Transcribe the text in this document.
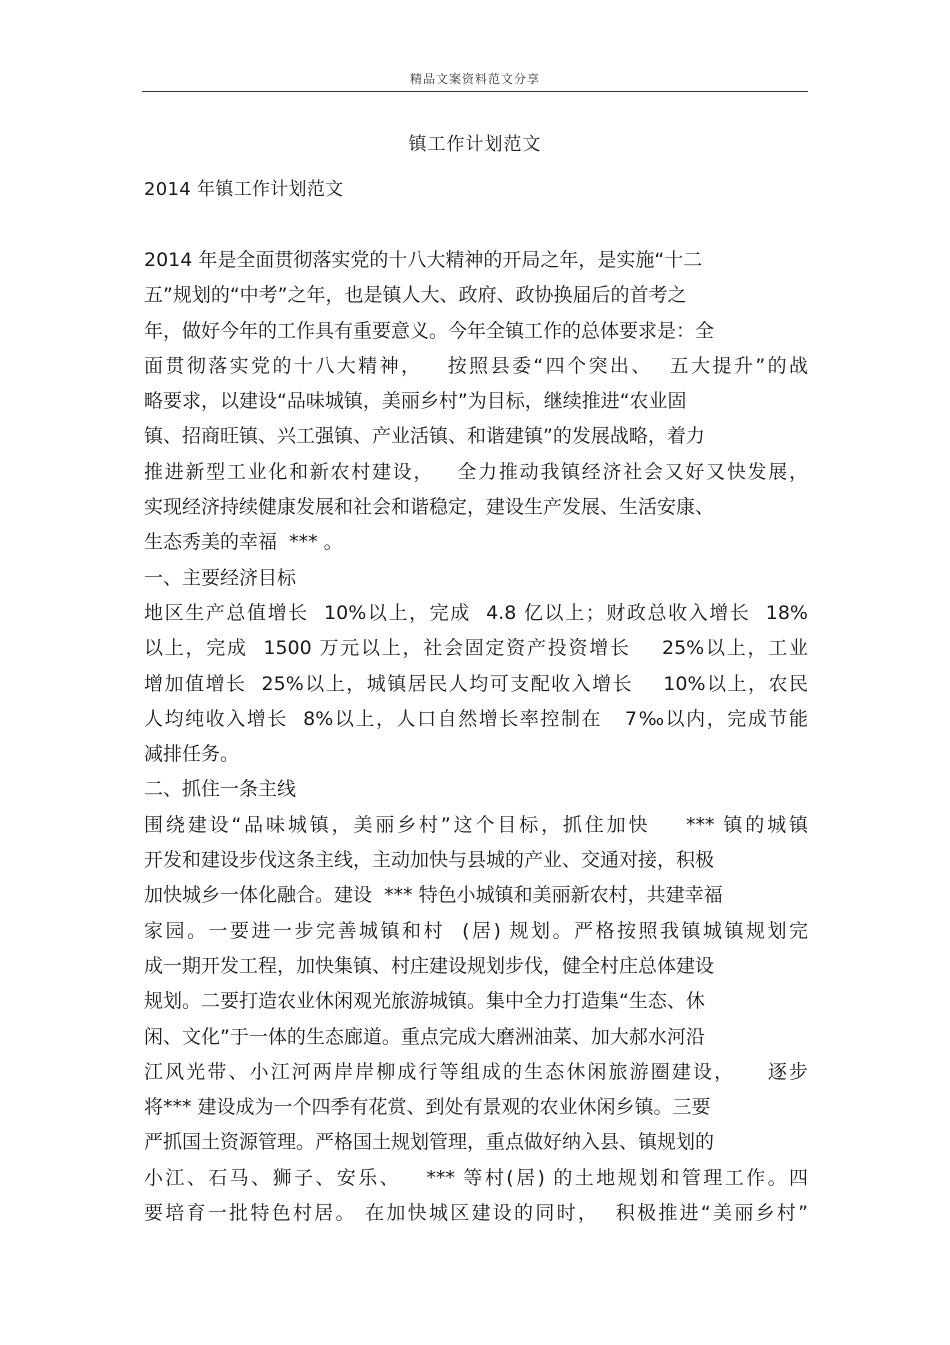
精品文案资料范文分享
镇工作计划范文
2014 年镇工作计划范文
2014 年是全面贯彻落实党的十八大精神的开局之年，是实施“十二
五”规划的“中考”之年，也是镇人大、政府、政协换届后的首考之
年，做好今年的工作具有重要意义。今年全镇工作的总体要求是：全
面贯彻落实党的十八大精神，   按照县委“四个突出、  五大提升”的战
略要求，以建设“品味城镇，美丽乡村”为目标，继续推进“农业固
镇、招商旺镇、兴工强镇、产业活镇、和谐建镇”的发展战略，着力
推进新型工业化和新农村建设，   全力推动我镇经济社会又好又快发展，
实现经济持续健康发展和社会和谐稳定，建设生产发展、生活安康、
生态秀美的幸福  *** 。
一、主要经济目标
地区生产总值增长  10%以上，完成  4.8 亿以上；财政总收入增长  18%
以上，完成  1500 万元以上，社会固定资产投资增长    25%以上，工业
增加值增长  25%以上，城镇居民人均可支配收入增长    10%以上，农民
人均纯收入增长  8%以上，人口自然增长率控制在   7‰以内，完成节能
减排任务。
二、抓住一条主线
围绕建设“品味城镇，美丽乡村”这个目标，抓住加快    *** 镇的城镇
开发和建设步伐这条主线，主动加快与县城的产业、交通对接，积极
加快城乡一体化融合。建设  *** 特色小城镇和美丽新农村，共建幸福
家园。一要进一步完善城镇和村  (居) 规划。严格按照我镇城镇规划完
成一期开发工程，加快集镇、村庄建设规划步伐，健全村庄总体建设
规划。二要打造农业休闲观光旅游城镇。集中全力打造集“生态、休
闲、文化”于一体的生态廊道。重点完成大磨洲油菜、加大郝水河沿
江风光带、小江河两岸岸柳成行等组成的生态休闲旅游圈建设，    逐步
将*** 建设成为一个四季有花赏、到处有景观的农业休闲乡镇。三要
严抓国土资源管理。严格国土规划管理，重点做好纳入县、镇规划的
小江、石马、狮子、安乐、   *** 等村(居) 的土地规划和管理工作。四
要培育一批特色村居。 在加快城区建设的同时，  积极推进“美丽乡村”
